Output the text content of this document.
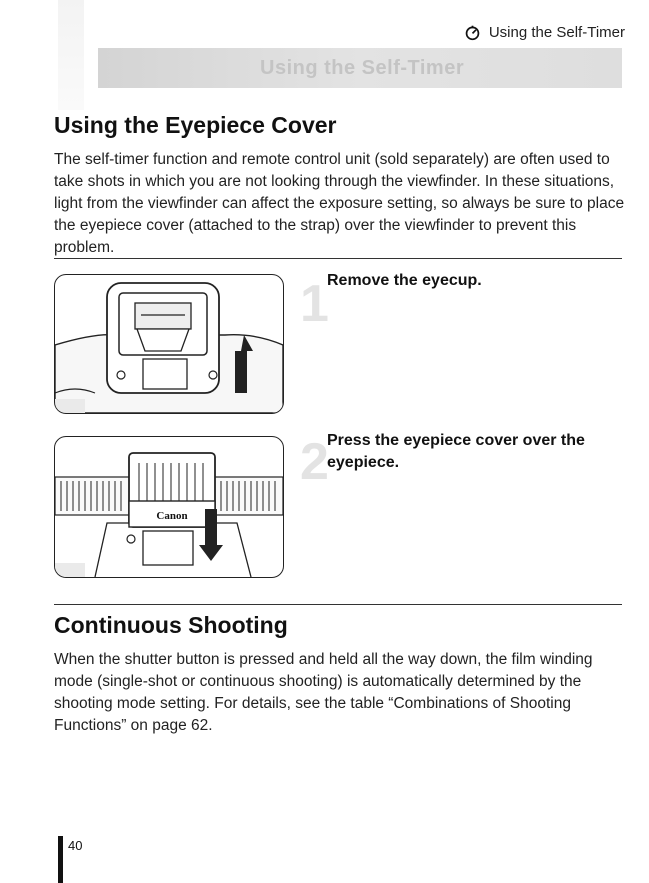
Using the Self-Timer
Using the Self-Timer
Using the Eyepiece Cover

The self-timer function and remote control unit (sold separately) are often used to take shots in which you are not looking through the viewfinder. In these situations, light from the viewfinder can affect the exposure setting, so always be sure to place the eyepiece cover (attached to the strap) over the viewfinder to prevent this problem.

1
Remove the eyecup.
Canon
2
Press the eyepiece cover over the eyepiece.
Continuous Shooting

When the shutter button is pressed and held all the way down, the film winding mode (single-shot or continuous shooting) is automatically determined by the shooting mode setting. For details, see the table “Combinations of Shooting Functions” on page 62.

40
